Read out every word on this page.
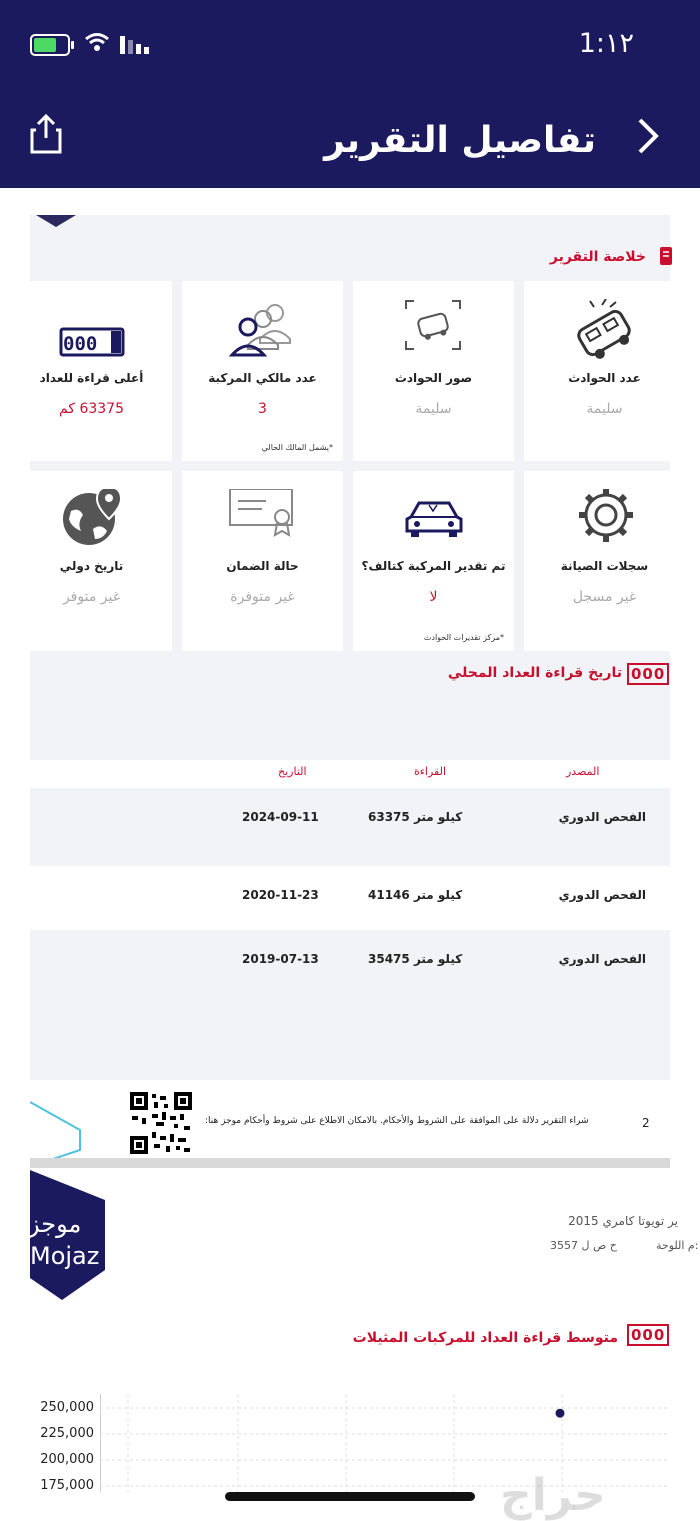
1:١٢
تفاصيل التقرير
خلاصة التقرير
عدد الحوادث
سليمة
صور الحوادث
سليمة
عدد مالكي المركبة
3
*يشمل المالك الحالي
000
أعلى قراءة للعداد
63375 كم
سجلات الصيانة
غير مسجل
تم تقدير المركبة كتالف؟
لا
*مركز تقديرات الحوادث
حالة الضمان
غير متوفرة
تاريخ دولي
غير متوفر
000
تاريخ قراءة العداد المحلي
المصدر
القراءة
التاريخ
الفحص الدوري
63375 كيلو متر
2024-09-11
الفحص الدوري
41146 كيلو متر
2020-11-23
الفحص الدوري
35475 كيلو متر
2019-07-13
شراء التقرير دلالة على الموافقة على الشروط والأحكام. بالامكان الاطلاع على شروط وأحكام موجز هنا:	2
موجز
Mojaz
ير تويوتا كامري 2015
م اللوحة:
ح ص ل 3557
000
متوسط قراءة العداد للمركبات المثيلات
250,000
225,000
200,000
175,000	حراج
